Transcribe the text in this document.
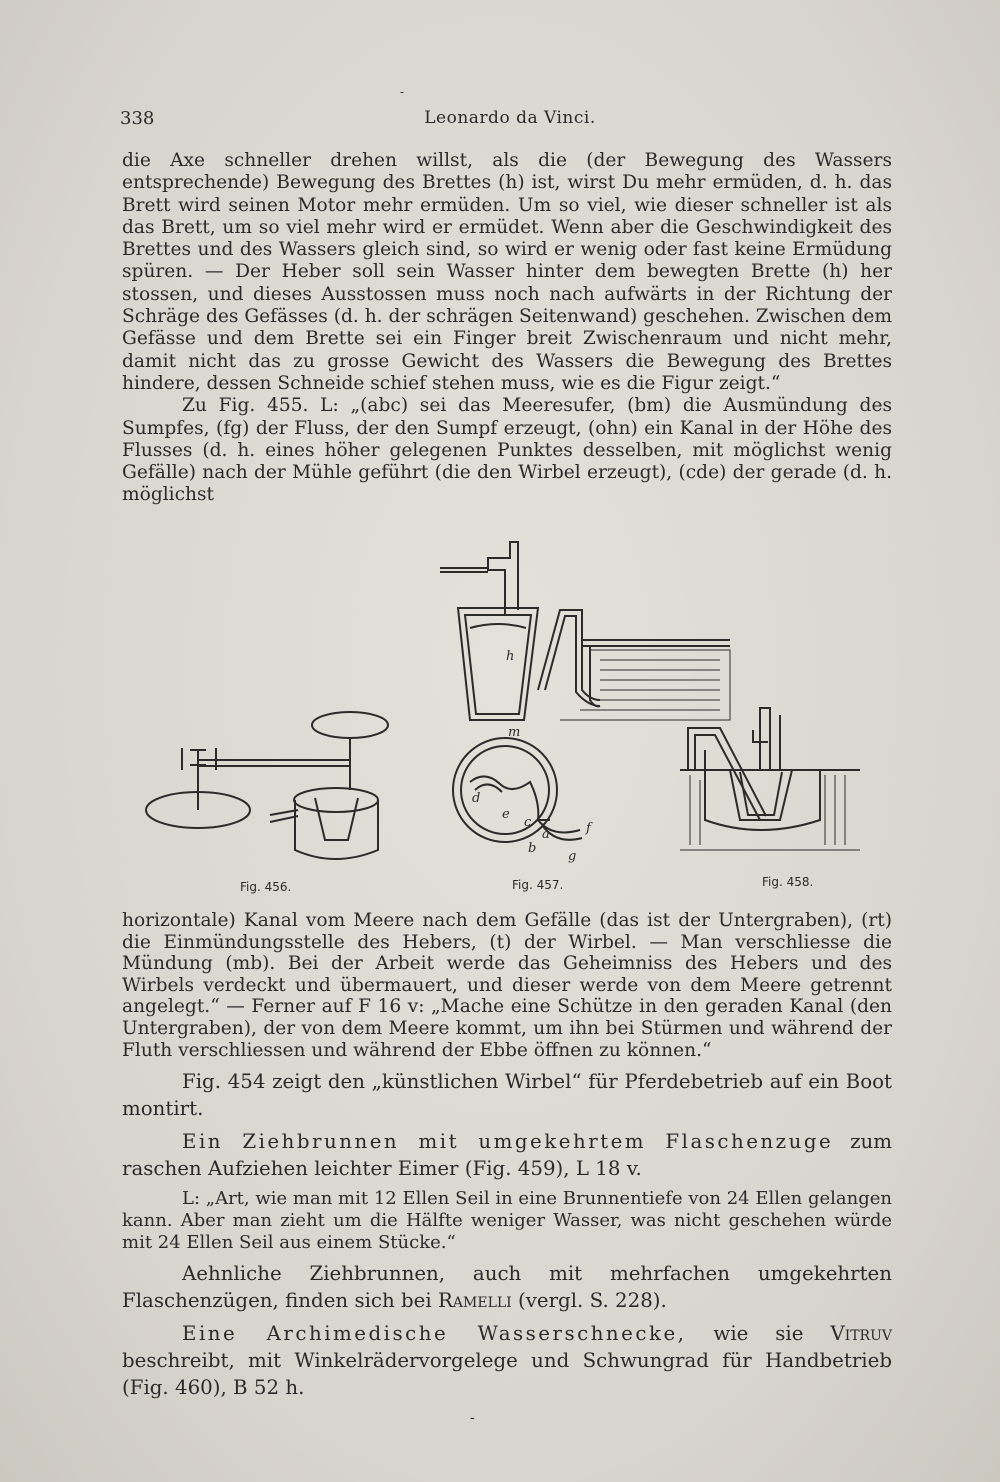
-
338	Leonardo da Vinci.

die Axe schneller drehen willst, als die (der Bewegung des Wassers entsprechende) Bewegung des Brettes (h) ist, wirst Du mehr ermüden, d. h. das Brett wird seinen Motor mehr ermüden. Um so viel, wie dieser schneller ist als das Brett, um so viel mehr wird er ermüdet. Wenn aber die Geschwindigkeit des Brettes und des Wassers gleich sind, so wird er wenig oder fast keine Ermüdung spüren. — Der Heber soll sein Wasser hinter dem bewegten Brette (h) her stossen, und dieses Ausstossen muss noch nach aufwärts in der Richtung der Schräge des Gefässes (d. h. der schrägen Seitenwand) geschehen. Zwischen dem Gefässe und dem Brette sei ein Finger breit Zwischenraum und nicht mehr, damit nicht das zu grosse Gewicht des Wassers die Bewegung des Brettes hindere, dessen Schneide schief stehen muss, wie es die Figur zeigt.“

Zu Fig. 455. L: „(abc) sei das Meeresufer, (bm) die Ausmündung des Sumpfes, (fg) der Fluss, der den Sumpf erzeugt, (ohn) ein Kanal in der Höhe des Flusses (d. h. eines höher gelegenen Punktes desselben, mit möglichst wenig Gefälle) nach der Mühle geführt (die den Wirbel erzeugt), (cde) der gerade (d. h. möglichst

h
m
d
e
c
a	f
b
g
Fig. 456.	Fig. 457.	Fig. 458.

horizontale) Kanal vom Meere nach dem Gefälle (das ist der Untergraben), (rt) die Einmündungsstelle des Hebers, (t) der Wirbel. — Man verschliesse die Mündung (mb). Bei der Arbeit werde das Geheimniss des Hebers und des Wirbels verdeckt und übermauert, und dieser werde von dem Meere getrennt angelegt.“ — Ferner auf F 16 v: „Mache eine Schütze in den geraden Kanal (den Untergraben), der von dem Meere kommt, um ihn bei Stürmen und während der Fluth verschliessen und während der Ebbe öffnen zu können.“

Fig. 454 zeigt den „künstlichen Wirbel“ für Pferdebetrieb auf ein Boot montirt.

Ein Ziehbrunnen mit umgekehrtem Flaschenzuge zum raschen Aufziehen leichter Eimer (Fig. 459), L 18 v.

L: „Art, wie man mit 12 Ellen Seil in eine Brunnentiefe von 24 Ellen gelangen kann. Aber man zieht um die Hälfte weniger Wasser, was nicht geschehen würde mit 24 Ellen Seil aus einem Stücke.“

Aehnliche Ziehbrunnen, auch mit mehrfachen umgekehrten Flaschenzügen, finden sich bei Ramelli (vergl. S. 228).

Eine Archimedische Wasserschnecke, wie sie Vitruv beschreibt, mit Winkelrädervorgelege und Schwungrad für Handbetrieb (Fig. 460), B 52 h.

-
